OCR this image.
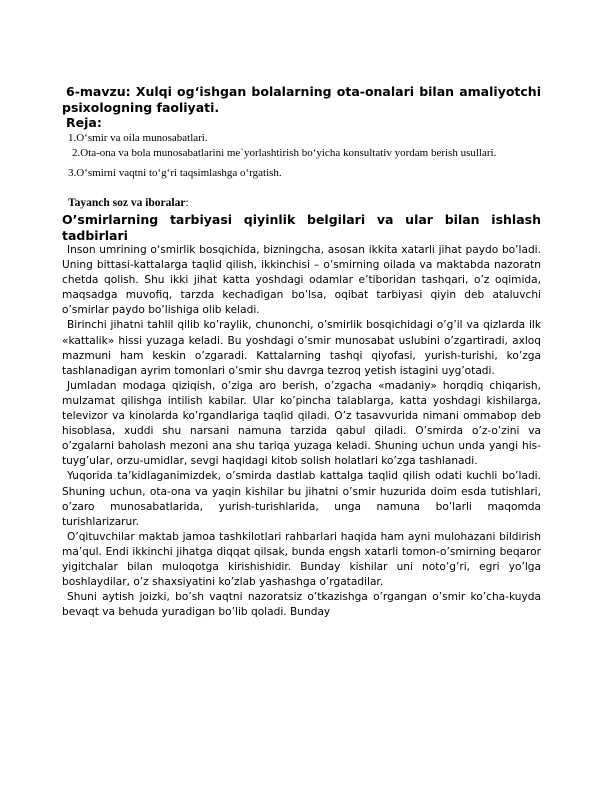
6-mavzu: Xulqi og‘ishgan bolalarning ota-onalari bilan amaliyotchi psixologning faoliyati.

Reja:

1.O‘smir va oila munosabatlari.

2.Ota-ona va bola munosabatlarini me`yorlashtirish bo‘yicha konsultativ yordam berish usullari.

3.O‘smirni vaqtni to‘g‘ri taqsimlashga o‘rgatish.

Tayanch soz va iboralar:

O’smirlarning tarbiyasi qiyinlik belgilari va ular bilan ishlash tadbirlari

Inson umrining o‘smirlik bosqichida, bizningcha, asosan ikkita xatarli jihat paydo bo’ladi. Uning bittasi-kattalarga taqlid qilish, ikkinchisi – o’smirning oilada va maktabda nazoratn chetda qolish. Shu ikki jihat katta yoshdagi odamlar e’tiboridan tashqari, o’z oqimida, maqsadga muvofiq, tarzda kechadigan bo’lsa, oqibat tarbiyasi qiyin deb ataluvchi o’smirlar paydo bo’lishiga olib keladi.

Birinchi jihatni tahlil qilib ko’raylik, chunonchi, o’smirlik bosqichidagi o’g’il va qizlarda ilk «kattalik» hissi yuzaga keladi. Bu yoshdagi o’smir munosabat uslubini o’zgartiradi, axloq mazmuni ham keskin o’zgaradi. Kattalarning tashqi qiyofasi, yurish-turishi, ko’zga tashlanadigan ayrim tomonlari o’smir shu davrga tezroq yetish istagini uyg’otadi.

Jumladan modaga qiziqish, o’ziga aro berish, o’zgacha «madaniy» horqdiq chiqarish, mulzamat qilishga intilish kabilar. Ular ko’pincha talablarga, katta yoshdagi kishilarga, televizor va kinolarda ko’rgandlariga taqlid qiladi. O’z tasavvurida nimani ommabop deb hisoblasa, xuddi shu narsani namuna tarzida qabul qiladi. O’smirda o’z-o’zini va o’zgalarni baholash mezoni ana shu tariqa yuzaga keladi. Shuning uchun unda yangi his-tuyg’ular, orzu-umidlar, sevgi haqidagi kitob solish holatlari ko’zga tashlanadi.

Yuqorida ta’kidlaganimizdek, o’smirda dastlab kattalga taqlid qilish odati kuchli bo’ladi. Shuning uchun, ota-ona va yaqin kishilar bu jihatni o’smir huzurida doim esda tutishlari, o’zaro munosabatlarida, yurish-turishlarida, unga namuna bo’larli maqomda turishlarizarur.

O’qituvchilar maktab jamoa tashkilotlari rahbarlari haqida ham ayni mulohazani bildirish ma’qul. Endi ikkinchi jihatga diqqat qilsak, bunda engsh xatarli tomon-o’smirning beqaror yigitchalar bilan muloqotga kirishishidir. Bunday kishilar uni noto’g’ri, egri yo’lga boshlaydilar, o’z shaxsiyatini ko’zlab yashashga o’rgatadilar.

Shuni aytish joizki, bo’sh vaqtni nazoratsiz o’tkazishga o’rgangan o’smir ko’cha-kuyda bevaqt va behuda yuradigan bo’lib qoladi. Bunday
